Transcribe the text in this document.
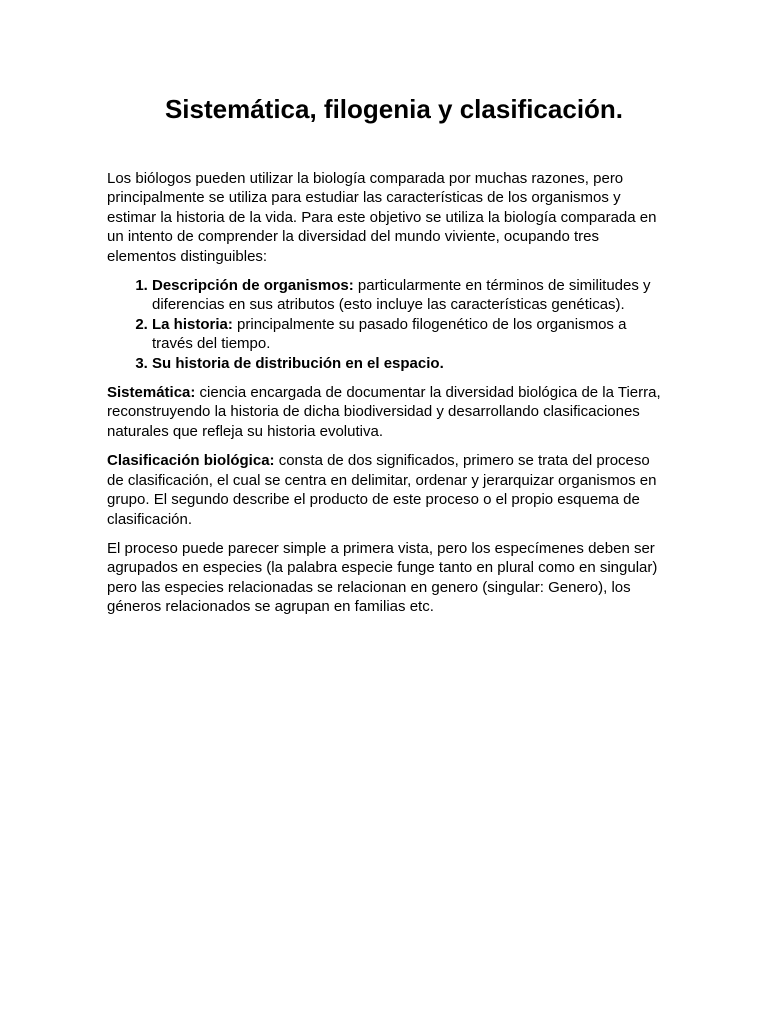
Sistemática, filogenia y clasificación.

Los biólogos pueden utilizar la biología comparada por muchas razones, pero principalmente se utiliza para estudiar las características de los organismos y estimar la historia de la vida. Para este objetivo se utiliza la biología comparada en un intento de comprender la diversidad del mundo viviente, ocupando tres elementos distinguibles:

1. Descripción de organismos: particularmente en términos de similitudes y diferencias en sus atributos (esto incluye las características genéticas).
2. La historia: principalmente su pasado filogenético de los organismos a través del tiempo.
3. Su historia de distribución en el espacio.

Sistemática: ciencia encargada de documentar la diversidad biológica de la Tierra, reconstruyendo la historia de dicha biodiversidad y desarrollando clasificaciones naturales que refleja su historia evolutiva.

Clasificación biológica: consta de dos significados, primero se trata del proceso de clasificación, el cual se centra en delimitar, ordenar y jerarquizar organismos en grupo. El segundo describe el producto de este proceso o el propio esquema de clasificación.

El proceso puede parecer simple a primera vista, pero los especímenes deben ser agrupados en especies (la palabra especie funge tanto en plural como en singular) pero las especies relacionadas se relacionan en genero (singular: Genero), los géneros relacionados se agrupan en familias etc.
